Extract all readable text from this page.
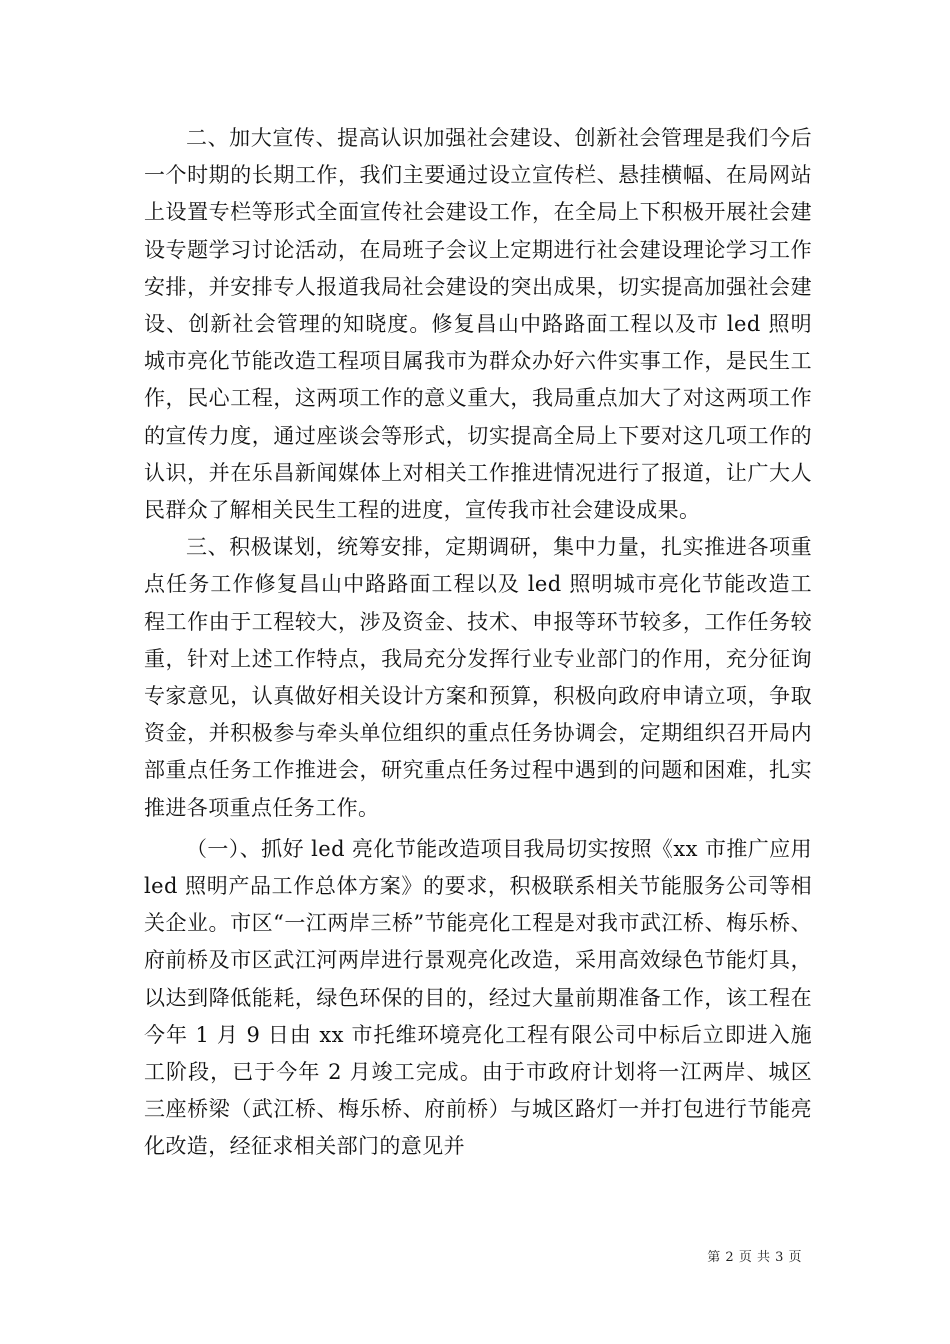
二、加大宣传、提高认识加强社会建设、创新社会管理是我们今后一个时期的长期工作，我们主要通过设立宣传栏、悬挂横幅、在局网站上设置专栏等形式全面宣传社会建设工作，在全局上下积极开展社会建设专题学习讨论活动，在局班子会议上定期进行社会建设理论学习工作安排，并安排专人报道我局社会建设的突出成果，切实提高加强社会建设、创新社会管理的知晓度。修复昌山中路路面工程以及市 led 照明城市亮化节能改造工程项目属我市为群众办好六件实事工作，是民生工作，民心工程，这两项工作的意义重大，我局重点加大了对这两项工作的宣传力度，通过座谈会等形式，切实提高全局上下要对这几项工作的认识，并在乐昌新闻媒体上对相关工作推进情况进行了报道，让广大人民群众了解相关民生工程的进度，宣传我市社会建设成果。

三、积极谋划，统筹安排，定期调研，集中力量，扎实推进各项重点任务工作修复昌山中路路面工程以及 led 照明城市亮化节能改造工程工作由于工程较大，涉及资金、技术、申报等环节较多，工作任务较重，针对上述工作特点，我局充分发挥行业专业部门的作用，充分征询专家意见，认真做好相关设计方案和预算，积极向政府申请立项，争取资金，并积极参与牵头单位组织的重点任务协调会，定期组织召开局内部重点任务工作推进会，研究重点任务过程中遇到的问题和困难，扎实推进各项重点任务工作。

（一）、抓好 led 亮化节能改造项目我局切实按照《xx 市推广应用 led 照明产品工作总体方案》的要求，积极联系相关节能服务公司等相关企业。市区“一江两岸三桥”节能亮化工程是对我市武江桥、梅乐桥、府前桥及市区武江河两岸进行景观亮化改造，采用高效绿色节能灯具，以达到降低能耗，绿色环保的目的，经过大量前期准备工作，该工程在今年 1 月 9 日由 xx 市托维环境亮化工程有限公司中标后立即进入施工阶段，已于今年 2 月竣工完成。由于市政府计划将一江两岸、城区三座桥梁（武江桥、梅乐桥、府前桥）与城区路灯一并打包进行节能亮化改造，经征求相关部门的意见并

第 2 页 共 3 页
